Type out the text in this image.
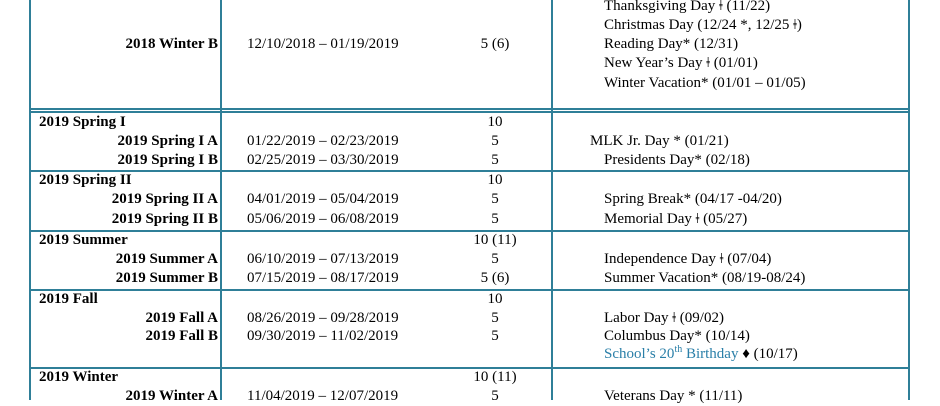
2018 Winter B 12/10/2018 – 01/19/2019	5 (6)
Thanksgiving Day ǂ (11/22)
Christmas Day (12/24 *, 12/25 ǂ)
Reading Day* (12/31)
New Year’s Day ǂ (01/01)
Winter Vacation* (01/01 – 01/05)
2019 Spring I	10
2019 Spring I A 01/22/2019 – 02/23/2019	5	MLK Jr. Day * (01/21)
2019 Spring I B 02/25/2019 – 03/30/2019	5	Presidents Day* (02/18)
2019 Spring II	10
2019 Spring II A 04/01/2019 – 05/04/2019	5	Spring Break* (04/17 -04/20)
2019 Spring II B 05/06/2019 – 06/08/2019	5	Memorial Day ǂ (05/27)
2019 Summer	10 (11)
2019 Summer A 06/10/2019 – 07/13/2019	5	Independence Day ǂ (07/04)
2019 Summer B 07/15/2019 – 08/17/2019	5 (6)	Summer Vacation* (08/19-08/24)
2019 Fall	10
2019 Fall A 08/26/2019 – 09/28/2019	5	Labor Day ǂ (09/02)
2019 Fall B 09/30/2019 – 11/02/2019	5	Columbus Day* (10/14)
School’s 20th Birthday ♦ (10/17)
2019 Winter	10 (11)
2019 Winter A 11/04/2019 – 12/07/2019	5	Veterans Day * (11/11)
